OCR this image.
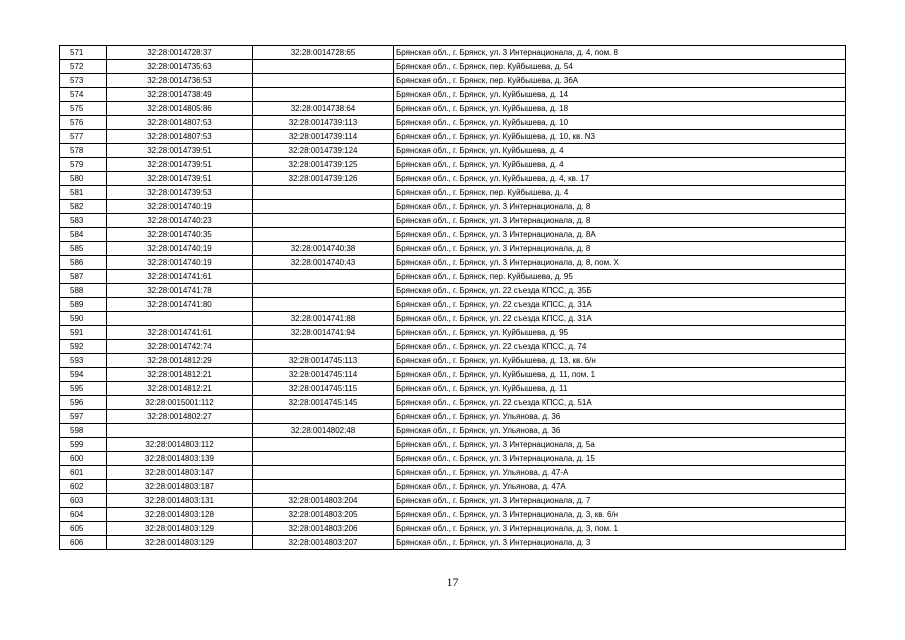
571	32:28:0014728:37	32:28:0014728:65	Брянская обл., г. Брянск, ул. 3 Интернационала, д. 4, пом. 8
572	32:28:0014735:63		Брянская обл., г. Брянск, пер. Куйбышева, д. 54
573	32:28:0014736:53		Брянская обл., г. Брянск, пер. Куйбышева, д. 36А
574	32:28:0014738:49		Брянская обл., г. Брянск, ул. Куйбышева, д. 14
575	32:28:0014805:86	32:28:0014738:64	Брянская обл., г. Брянск, ул. Куйбышева, д. 18
576	32:28:0014807:53	32:28:0014739:113	Брянская обл., г. Брянск, ул. Куйбышева, д. 10
577	32:28:0014807:53	32:28:0014739:114	Брянская обл., г. Брянск, ул. Куйбышева, д. 10, кв. N3
578	32:28:0014739:51	32:28:0014739:124	Брянская обл., г. Брянск, ул. Куйбышева, д. 4
579	32:28:0014739:51	32:28:0014739:125	Брянская обл., г. Брянск, ул. Куйбышева, д. 4
580	32:28:0014739:51	32:28:0014739:126	Брянская обл., г. Брянск, ул. Куйбышева, д. 4, кв. 17
581	32:28:0014739:53		Брянская обл., г. Брянск, пер. Куйбышева, д. 4
582	32:28:0014740:19		Брянская обл., г. Брянск, ул. 3 Интернационала, д. 8
583	32:28:0014740:23		Брянская обл., г. Брянск, ул. 3 Интернационала, д. 8
584	32:28:0014740:35		Брянская обл., г. Брянск, ул. 3 Интернационала, д. 8А
585	32:28:0014740:19	32:28:0014740:38	Брянская обл., г. Брянск, ул. 3 Интернационала, д. 8
586	32:28:0014740:19	32:28:0014740:43	Брянская обл., г. Брянск, ул. 3 Интернационала, д. 8, пом. X
587	32:28:0014741:61		Брянская обл., г. Брянск, пер. Куйбышева, д. 95
588	32:28:0014741:78		Брянская обл., г. Брянск, ул. 22 съезда КПСС, д. 35Б
589	32:28:0014741:80		Брянская обл., г. Брянск, ул. 22 съезда КПСС, д. 31А
590		32:28:0014741:88	Брянская обл., г. Брянск, ул. 22 съезда КПСС, д. 31А
591	32:28:0014741:61	32:28:0014741:94	Брянская обл., г. Брянск, ул. Куйбышева, д. 95
592	32:28:0014742:74		Брянская обл., г. Брянск, ул. 22 съезда КПСС, д. 74
593	32:28:0014812:29	32:28:0014745:113	Брянская обл., г. Брянск, ул. Куйбышева, д. 13, кв. 6/н
594	32:28:0014812:21	32:28:0014745:114	Брянская обл., г. Брянск, ул. Куйбышева, д. 11, пом. 1
595	32:28:0014812:21	32:28:0014745:115	Брянская обл., г. Брянск, ул. Куйбышева, д. 11
596	32:28:0015001:112	32:28:0014745:145	Брянская обл., г. Брянск, ул. 22 съезда КПСС, д. 51А
597	32:28:0014802:27		Брянская обл., г. Брянск, ул. Ульянова, д. 36
598		32:28:0014802:48	Брянская обл., г. Брянск, ул. Ульянова, д. 36
599	32:28:0014803:112		Брянская обл., г. Брянск, ул. 3 Интернационала, д. 5а
600	32:28:0014803:139		Брянская обл., г. Брянск, ул. 3 Интернационала, д. 15
601	32:28:0014803:147		Брянская обл., г. Брянск, ул. Ульянова, д. 47-А
602	32:28:0014803:187		Брянская обл., г. Брянск, ул. Ульянова, д. 47А
603	32:28:0014803:131	32:28:0014803:204	Брянская обл., г. Брянск, ул. 3 Интернационала, д. 7
604	32:28:0014803:128	32:28:0014803:205	Брянская обл., г. Брянск, ул. 3 Интернационала, д. 3, кв. 6/н
605	32:28:0014803:129	32:28:0014803:206	Брянская обл., г. Брянск, ул. 3 Интернационала, д. 3, пом. 1
606	32:28:0014803:129	32:28:0014803:207	Брянская обл., г. Брянск, ул. 3 Интернационала, д. 3
17
